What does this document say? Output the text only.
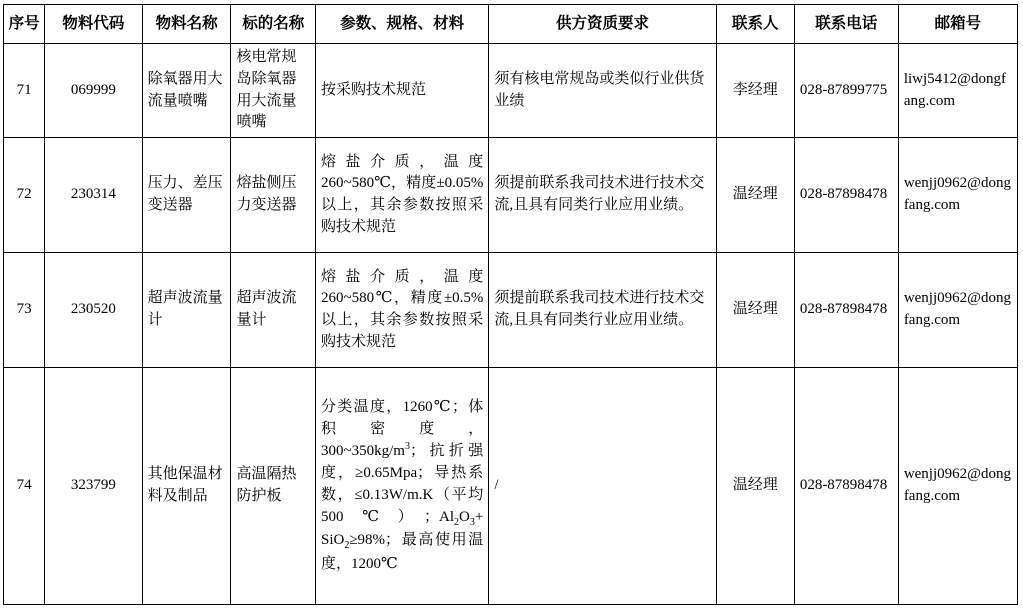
序号	物料代码	物料名称	标的名称	参数、规格、材料	供方资质要求	联系人	联系电话	邮箱号
71	069999	除氧器用大流量喷嘴	核电常规岛除氧器用大流量喷嘴	按采购技术规范	须有核电常规岛或类似行业供货业绩	李经理	028-87899775	liwj5412@dongfang.com
72	230314	压力、差压变送器	熔盐侧压力变送器	熔盐介质，温度260~580℃，精度±0.05%以上，其余参数按照采购技术规范	须提前联系我司技术进行技术交流,且具有同类行业应用业绩。	温经理	028-87898478	wenjj0962@dongfang.com
73	230520	超声波流量计	超声波流量计	熔盐介质，温度260~580℃，精度±0.5%以上，其余参数按照采购技术规范	须提前联系我司技术进行技术交流,且具有同类行业应用业绩。	温经理	028-87898478	wenjj0962@dongfang.com
74	323799	其他保温材料及制品	高温隔热防护板	分类温度，1260℃；体积密度，$300\sim 350kg/m^3$；抗折强度，≥0.65Mpa；导热系数，≤0.13W/m.K（平均500℃）；$Al_2O_3+ SiO_2\ge 98\%$；最高使用温度，1200℃	/	温经理	028-87898478	wenjj0962@dongfang.com
